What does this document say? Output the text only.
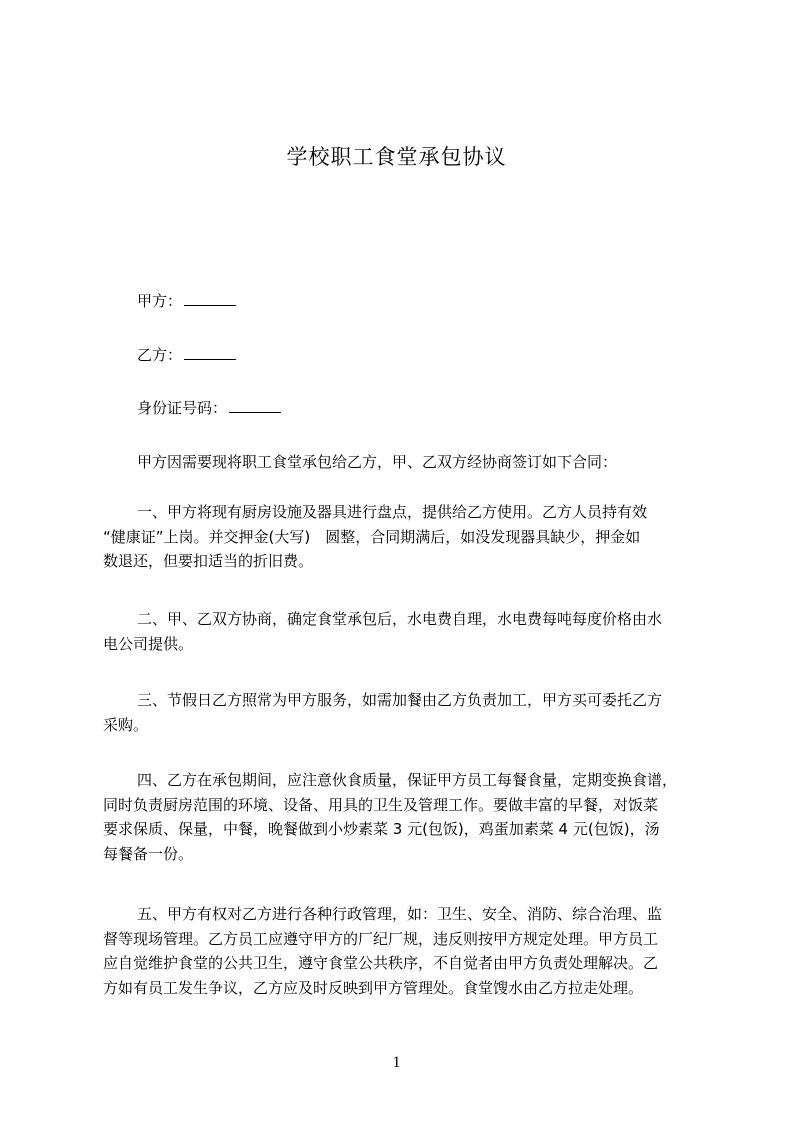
学校职工食堂承包协议
甲方：
乙方：
身份证号码：
甲方因需要现将职工食堂承包给乙方，甲、乙双方经协商签订如下合同：
一、甲方将现有厨房设施及器具进行盘点，提供给乙方使用。乙方人员持有效
“健康证”上岗。并交押金(大写)　圆整，合同期满后，如没发现器具缺少，押金如
数退还，但要扣适当的折旧费。
二、甲、乙双方协商，确定食堂承包后，水电费自理，水电费每吨每度价格由水
电公司提供。
三、节假日乙方照常为甲方服务，如需加餐由乙方负责加工，甲方买可委托乙方
采购。
四、乙方在承包期间，应注意伙食质量，保证甲方员工每餐食量，定期变换食谱，
同时负责厨房范围的环境、设备、用具的卫生及管理工作。要做丰富的早餐，对饭菜
要求保质、保量，中餐，晚餐做到小炒素菜 3 元(包饭)，鸡蛋加素菜 4 元(包饭)，汤
每餐备一份。
五、甲方有权对乙方进行各种行政管理，如：卫生、安全、消防、综合治理、监
督等现场管理。乙方员工应遵守甲方的厂纪厂规，违反则按甲方规定处理。甲方员工
应自觉维护食堂的公共卫生，遵守食堂公共秩序，不自觉者由甲方负责处理解决。乙
方如有员工发生争议，乙方应及时反映到甲方管理处。食堂馊水由乙方拉走处理。
1
